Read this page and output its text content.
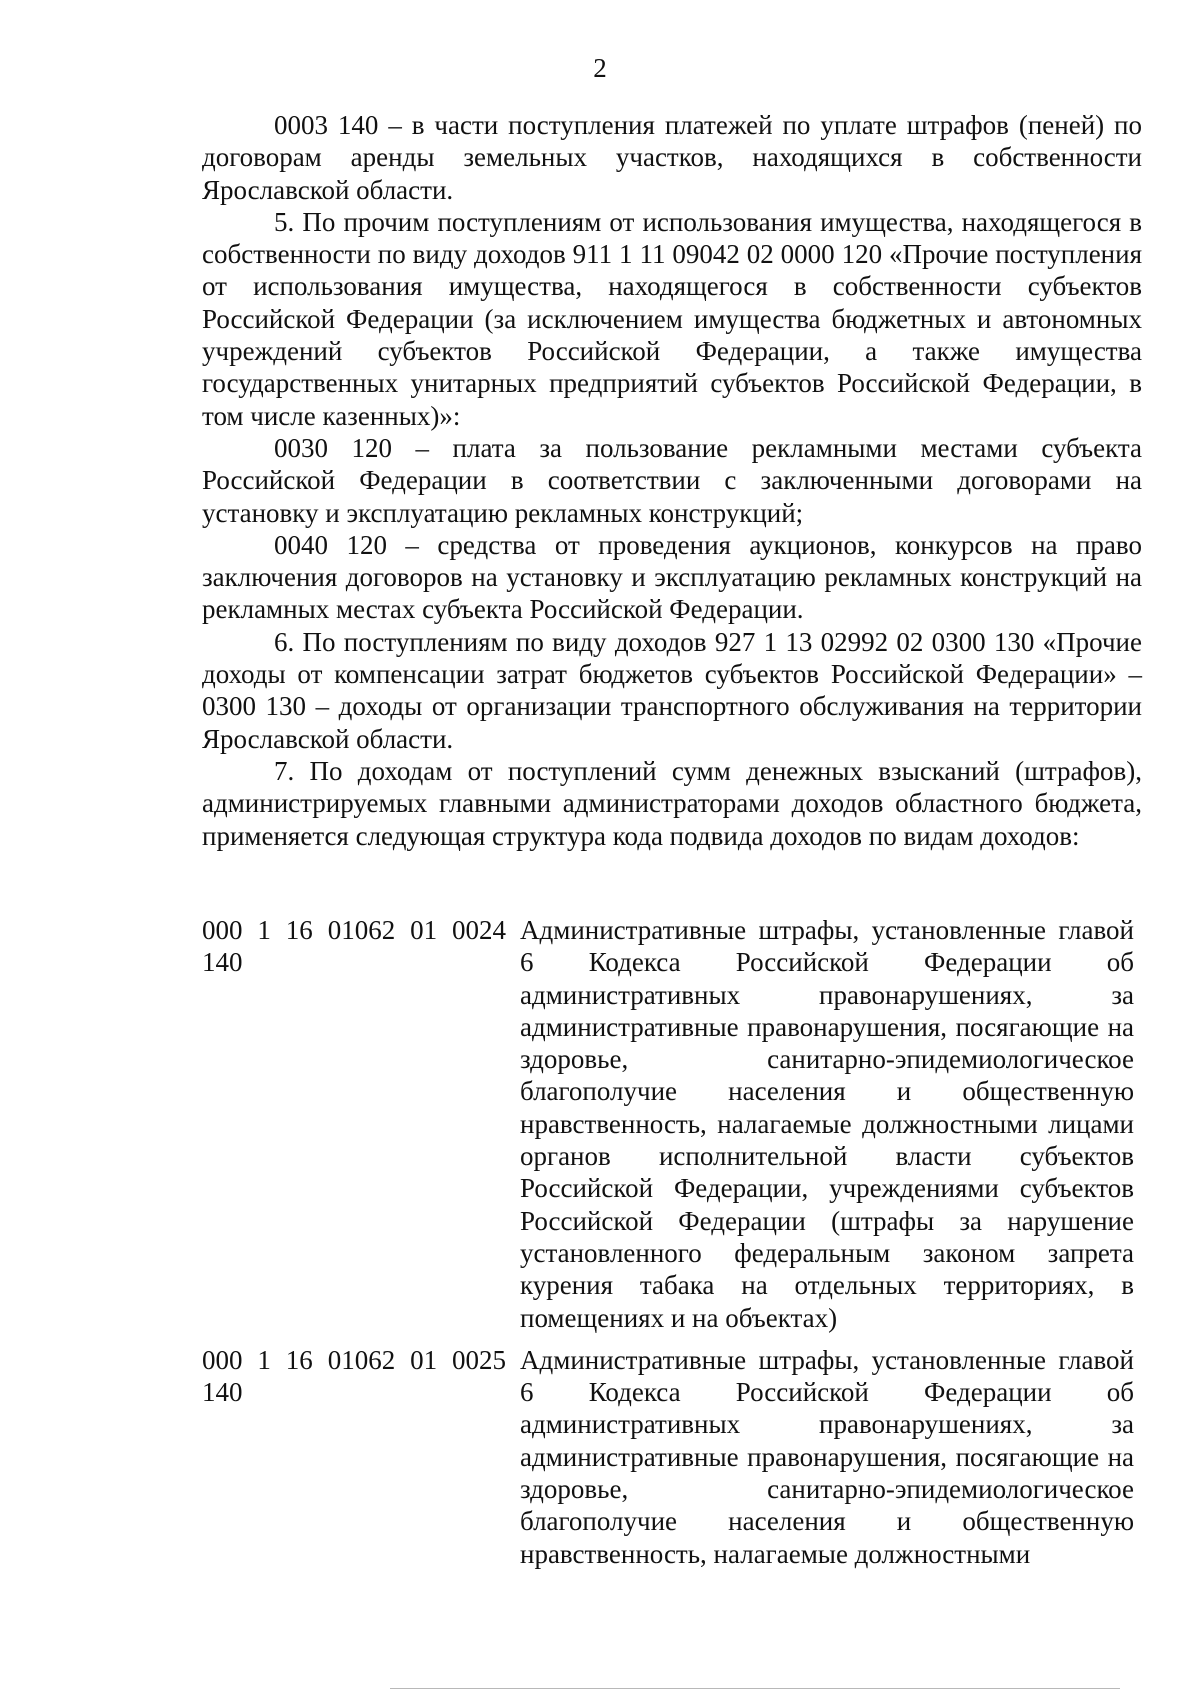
2

0003 140 – в части поступления платежей по уплате штрафов (пеней) по договорам аренды земельных участков, находящихся в собственности Ярославской области.

5. По прочим поступлениям от использования имущества, находящегося в собственности по виду доходов 911 1 11 09042 02 0000 120 «Прочие поступления от использования имущества, находящегося в собственности субъектов Российской Федерации (за исключением имущества бюджетных и автономных учреждений субъектов Российской Федерации, а также имущества государственных унитарных предприятий субъектов Российской Федерации, в том числе казенных)»:

0030 120 – плата за пользование рекламными местами субъекта Российской Федерации в соответствии с заключенными договорами на установку и эксплуатацию рекламных конструкций;

0040 120 – средства от проведения аукционов, конкурсов на право заключения договоров на установку и эксплуатацию рекламных конструкций на рекламных местах субъекта Российской Федерации.

6. По поступлениям по виду доходов 927 1 13 02992 02 0300 130 «Прочие доходы от компенсации затрат бюджетов субъектов Российской Федерации» – 0300 130 – доходы от организации транспортного обслуживания на территории Ярославской области.

7. По доходам от поступлений сумм денежных взысканий (штрафов), администрируемых главными администраторами доходов областного бюджета, применяется следующая структура кода подвида доходов по видам доходов:

000 1 16 01062 01 0024 140
Административные штрафы, установленные главой 6 Кодекса Российской Федерации об административных правонарушениях, за административные правонарушения, посягающие на здоровье, санитарно-эпидемиологическое благополучие населения и общественную нравственность, налагаемые должностными лицами органов исполнительной власти субъектов Российской Федерации, учреждениями субъектов Российской Федерации (штрафы за нарушение установленного федеральным законом запрета курения табака на отдельных территориях, в помещениях и на объектах)
000 1 16 01062 01 0025 140
Административные штрафы, установленные главой 6 Кодекса Российской Федерации об административных правонарушениях, за административные правонарушения, посягающие на здоровье, санитарно-эпидемиологическое благополучие населения и общественную нравственность, налагаемые должностными
